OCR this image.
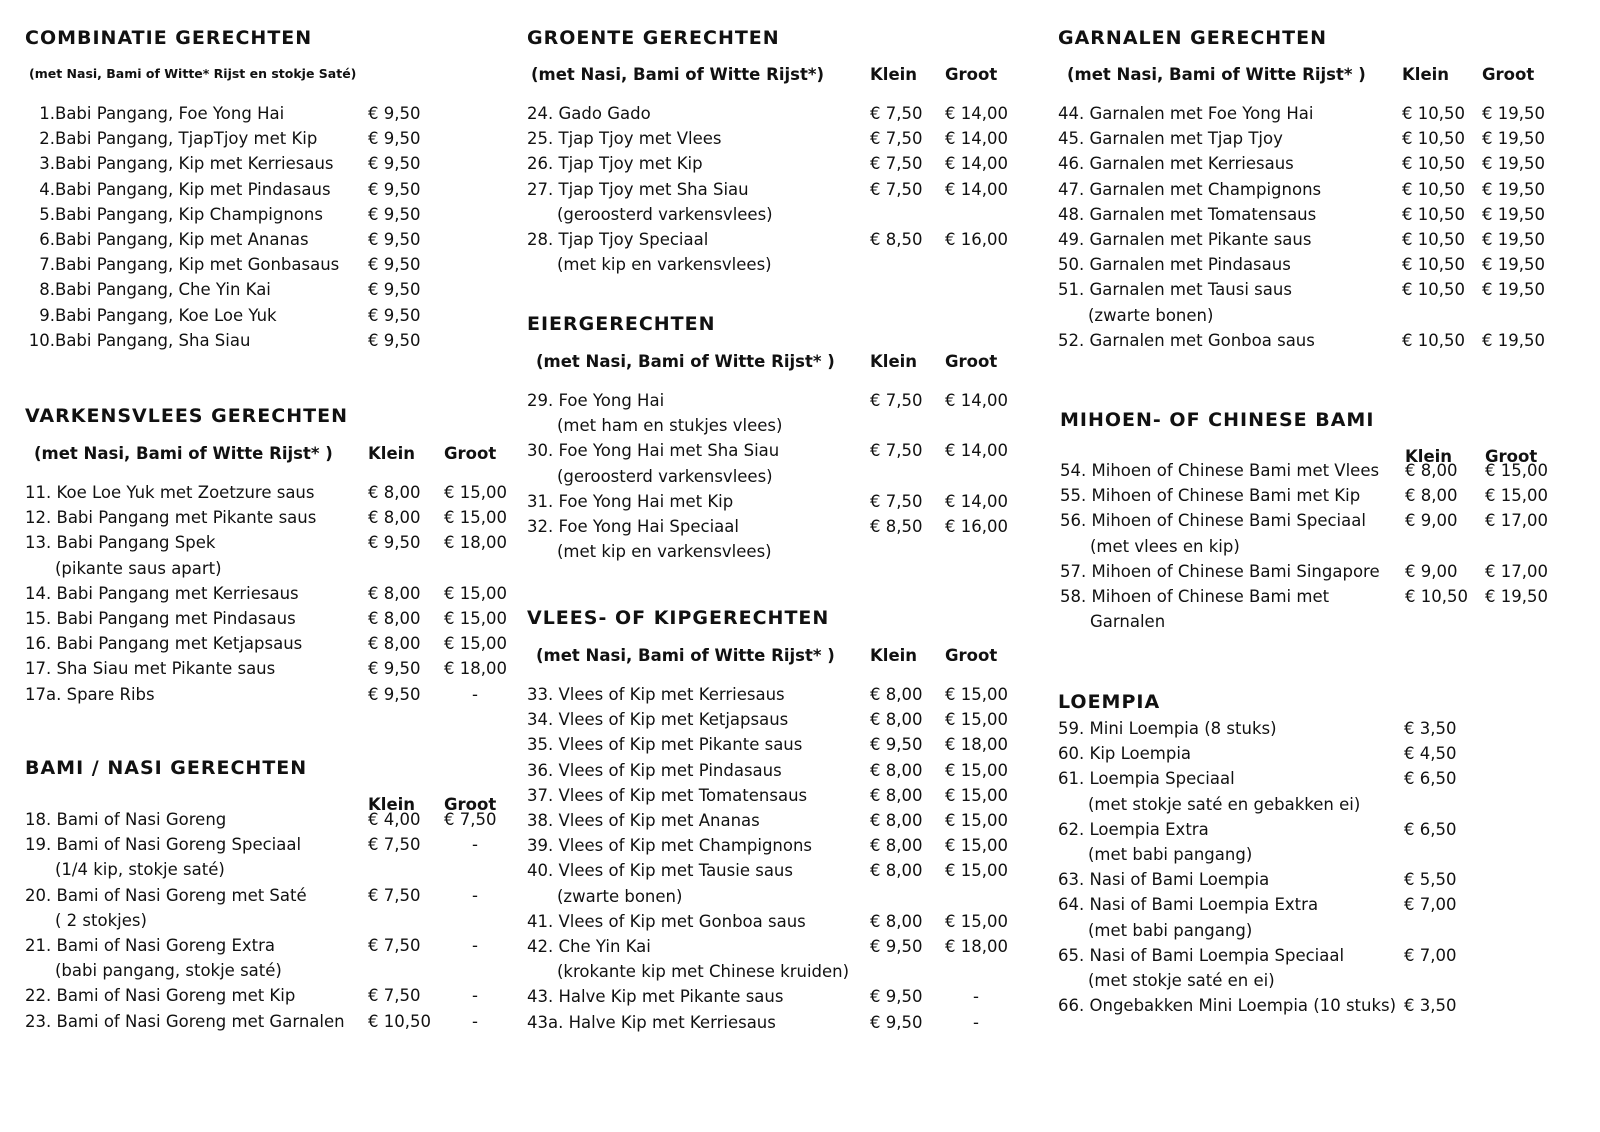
COMBINATIE GERECHTEN
(met Nasi, Bami of Witte* Rijst en stokje Saté)
1.Babi Pangang, Foe Yong Hai	€ 9,50
2.Babi Pangang, TjapTjoy met Kip	€ 9,50
3.Babi Pangang, Kip met Kerriesaus € 9,50
4.Babi Pangang, Kip met Pindasaus € 9,50
5.Babi Pangang, Kip Champignons	€ 9,50
6.Babi Pangang, Kip met Ananas	€ 9,50
7.Babi Pangang, Kip met Gonbasaus € 9,50
8.Babi Pangang, Che Yin Kai	€ 9,50
9.Babi Pangang, Koe Loe Yuk	€ 9,50
10.Babi Pangang, Sha Siau	€ 9,50
VARKENSVLEES GERECHTEN
(met Nasi, Bami of Witte Rijst* ) Klein Groot
11. Koe Loe Yuk met Zoetzure saus	€ 8,00 € 15,00
12. Babi Pangang met Pikante saus	€ 8,00 € 15,00
13. Babi Pangang Spek	€ 9,50 € 18,00
(pikante saus apart)
14. Babi Pangang met Kerriesaus	€ 8,00 € 15,00
15. Babi Pangang met Pindasaus	€ 8,00 € 15,00
16. Babi Pangang met Ketjapsaus	€ 8,00 € 15,00
17. Sha Siau met Pikante saus	€ 9,50 € 18,00
17a. Spare Ribs	€ 9,50	-
BAMI / NASI GERECHTEN
Klein Groot
18. Bami of Nasi Goreng	€ 4,00 € 7,50
19. Bami of Nasi Goreng Speciaal	€ 7,50	-
(1/4 kip, stokje saté)
20. Bami of Nasi Goreng met Saté	€ 7,50	-
( 2 stokjes)
21. Bami of Nasi Goreng Extra	€ 7,50	-
(babi pangang, stokje saté)
22. Bami of Nasi Goreng met Kip	€ 7,50	-
23. Bami of Nasi Goreng met Garnalen € 10,50 -
GROENTE GERECHTEN
(met Nasi, Bami of Witte Rijst*)	Klein Groot
24. Gado Gado	€ 7,50 € 14,00
25. Tjap Tjoy met Vlees	€ 7,50 € 14,00
26. Tjap Tjoy met Kip	€ 7,50 € 14,00
27. Tjap Tjoy met Sha Siau	€ 7,50 € 14,00
(geroosterd varkensvlees)
28. Tjap Tjoy Speciaal	€ 8,50 € 16,00
(met kip en varkensvlees)
EIERGERECHTEN
(met Nasi, Bami of Witte Rijst* ) Klein Groot
29. Foe Yong Hai	€ 7,50 € 14,00
(met ham en stukjes vlees)
30. Foe Yong Hai met Sha Siau	€ 7,50 € 14,00
(geroosterd varkensvlees)
31. Foe Yong Hai met Kip	€ 7,50 € 14,00
32. Foe Yong Hai Speciaal	€ 8,50 € 16,00
(met kip en varkensvlees)
VLEES- OF KIPGERECHTEN
(met Nasi, Bami of Witte Rijst* ) Klein Groot
33. Vlees of Kip met Kerriesaus	€ 8,00 € 15,00
34. Vlees of Kip met Ketjapsaus	€ 8,00 € 15,00
35. Vlees of Kip met Pikante saus	€ 9,50 € 18,00
36. Vlees of Kip met Pindasaus	€ 8,00 € 15,00
37. Vlees of Kip met Tomatensaus	€ 8,00 € 15,00
38. Vlees of Kip met Ananas	€ 8,00 € 15,00
39. Vlees of Kip met Champignons	€ 8,00 € 15,00
40. Vlees of Kip met Tausie saus	€ 8,00 € 15,00
(zwarte bonen)
41. Vlees of Kip met Gonboa saus	€ 8,00 € 15,00
42. Che Yin Kai	€ 9,50 € 18,00
(krokante kip met Chinese kruiden)
43. Halve Kip met Pikante saus	€ 9,50	-
43a. Halve Kip met Kerriesaus	€ 9,50	-
GARNALEN GERECHTEN
(met Nasi, Bami of Witte Rijst* ) Klein Groot
44. Garnalen met Foe Yong Hai	€ 10,50 € 19,50
45. Garnalen met Tjap Tjoy	€ 10,50 € 19,50
46. Garnalen met Kerriesaus	€ 10,50 € 19,50
47. Garnalen met Champignons	€ 10,50 € 19,50
48. Garnalen met Tomatensaus	€ 10,50 € 19,50
49. Garnalen met Pikante saus	€ 10,50 € 19,50
50. Garnalen met Pindasaus	€ 10,50 € 19,50
51. Garnalen met Tausi saus	€ 10,50 € 19,50
(zwarte bonen)
52. Garnalen met Gonboa saus	€ 10,50 € 19,50
MIHOEN- OF CHINESE BAMI
Klein Groot
54. Mihoen of Chinese Bami met Vlees € 8,00 € 15,00
55. Mihoen of Chinese Bami met Kip	€ 8,00 € 15,00
56. Mihoen of Chinese Bami Speciaal € 9,00 € 17,00
(met vlees en kip)
57. Mihoen of Chinese Bami Singapore € 9,00 € 17,00
58. Mihoen of Chinese Bami met	€ 10,50 € 19,50
Garnalen
LOEMPIA
59. Mini Loempia (8 stuks)	€ 3,50
60. Kip Loempia	€ 4,50
61. Loempia Speciaal	€ 6,50
(met stokje saté en gebakken ei)
62. Loempia Extra	€ 6,50
(met babi pangang)
63. Nasi of Bami Loempia	€ 5,50
64. Nasi of Bami Loempia Extra	€ 7,00
(met babi pangang)
65. Nasi of Bami Loempia Speciaal	€ 7,00
(met stokje saté en ei)
66. Ongebakken Mini Loempia (10 stuks) € 3,50
